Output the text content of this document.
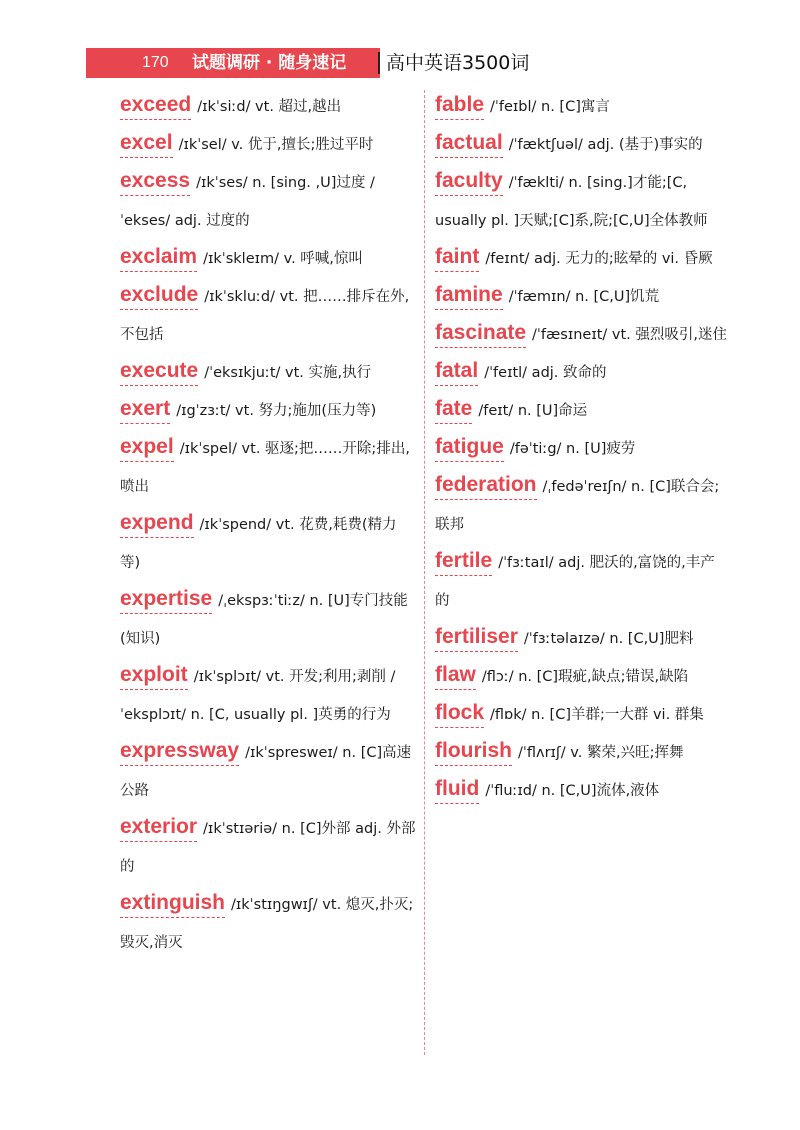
170 试题调研 · 随身速记 高中英语3500词

exceed /ɪkˈsiːd/ vt. 超过,越出

excel /ɪkˈsel/ v. 优于,擅长;胜过平时

excess /ɪkˈses/ n. [sing. ,U]过度 /ˈekses/ adj. 过度的

exclaim /ɪkˈskleɪm/ v. 呼喊,惊叫

exclude /ɪkˈskluːd/ vt. 把……排斥在外,不包括

execute /ˈeksɪkjuːt/ vt. 实施,执行

exert /ɪgˈzɜːt/ vt. 努力;施加(压力等)

expel /ɪkˈspel/ vt. 驱逐;把……开除;排出,喷出

expend /ɪkˈspend/ vt. 花费,耗费(精力等)

expertise /ˌekspɜːˈtiːz/ n. [U]专门技能(知识)

exploit /ɪkˈsplɔɪt/ vt. 开发;利用;剥削 /ˈeksplɔɪt/ n. [C, usually pl. ]英勇的行为

expressway /ɪkˈspresweɪ/ n. [C]高速公路

exterior /ɪkˈstɪəriə/ n. [C]外部 adj. 外部的

extinguish /ɪkˈstɪŋgwɪʃ/ vt. 熄灭,扑灭;毁灭,消灭

fable /ˈfeɪbl/ n. [C]寓言

factual /ˈfæktʃuəl/ adj. (基于)事实的

faculty /ˈfæklti/ n. [sing.]才能;[C, usually pl. ]天赋;[C]系,院;[C,U]全体教师

faint /feɪnt/ adj. 无力的;眩晕的 vi. 昏厥

famine /ˈfæmɪn/ n. [C,U]饥荒

fascinate /ˈfæsɪneɪt/ vt. 强烈吸引,迷住

fatal /ˈfeɪtl/ adj. 致命的

fate /feɪt/ n. [U]命运

fatigue /fəˈtiːg/ n. [U]疲劳

federation /ˌfedəˈreɪʃn/ n. [C]联合会;联邦

fertile /ˈfɜːtaɪl/ adj. 肥沃的,富饶的,丰产的

fertiliser /ˈfɜːtəlaɪzə/ n. [C,U]肥料

flaw /flɔː/ n. [C]瑕疵,缺点;错误,缺陷

flock /flɒk/ n. [C]羊群;一大群 vi. 群集

flourish /ˈflʌrɪʃ/ v. 繁荣,兴旺;挥舞

fluid /ˈfluːɪd/ n. [C,U]流体,液体
